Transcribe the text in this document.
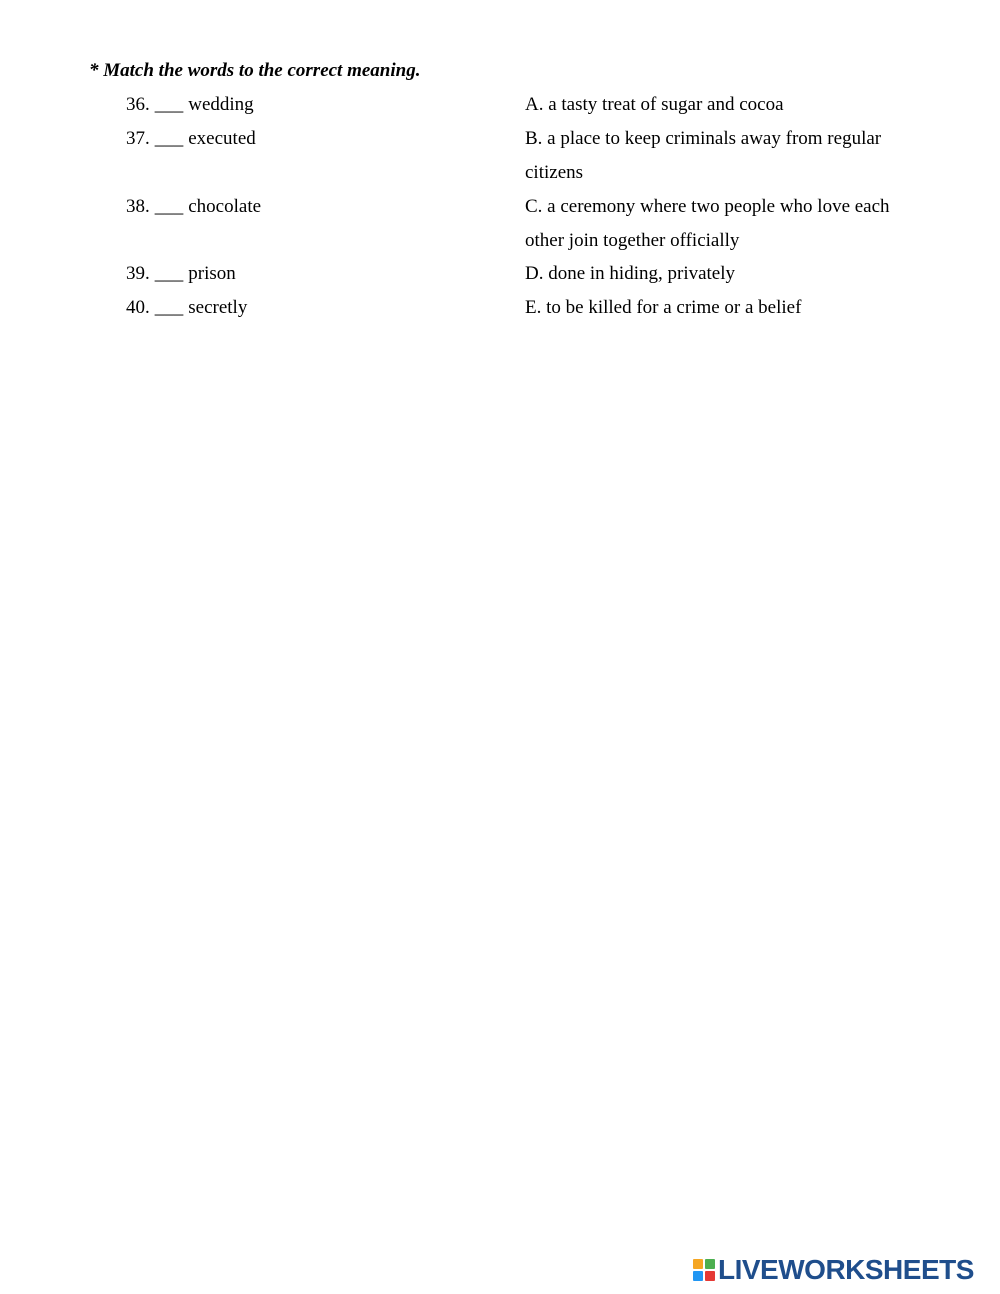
* Match the words to the correct meaning.

36. ___ wedding
37. ___ executed
38. ___ chocolate
39. ___ prison
40. ___ secretly
A. a tasty treat of sugar and cocoa
B. a place to keep criminals away from regular citizens
C. a ceremony where two people who love each other join together officially
D. done in hiding, privately
E. to be killed for a crime or a belief
LIVEWORKSHEETS
